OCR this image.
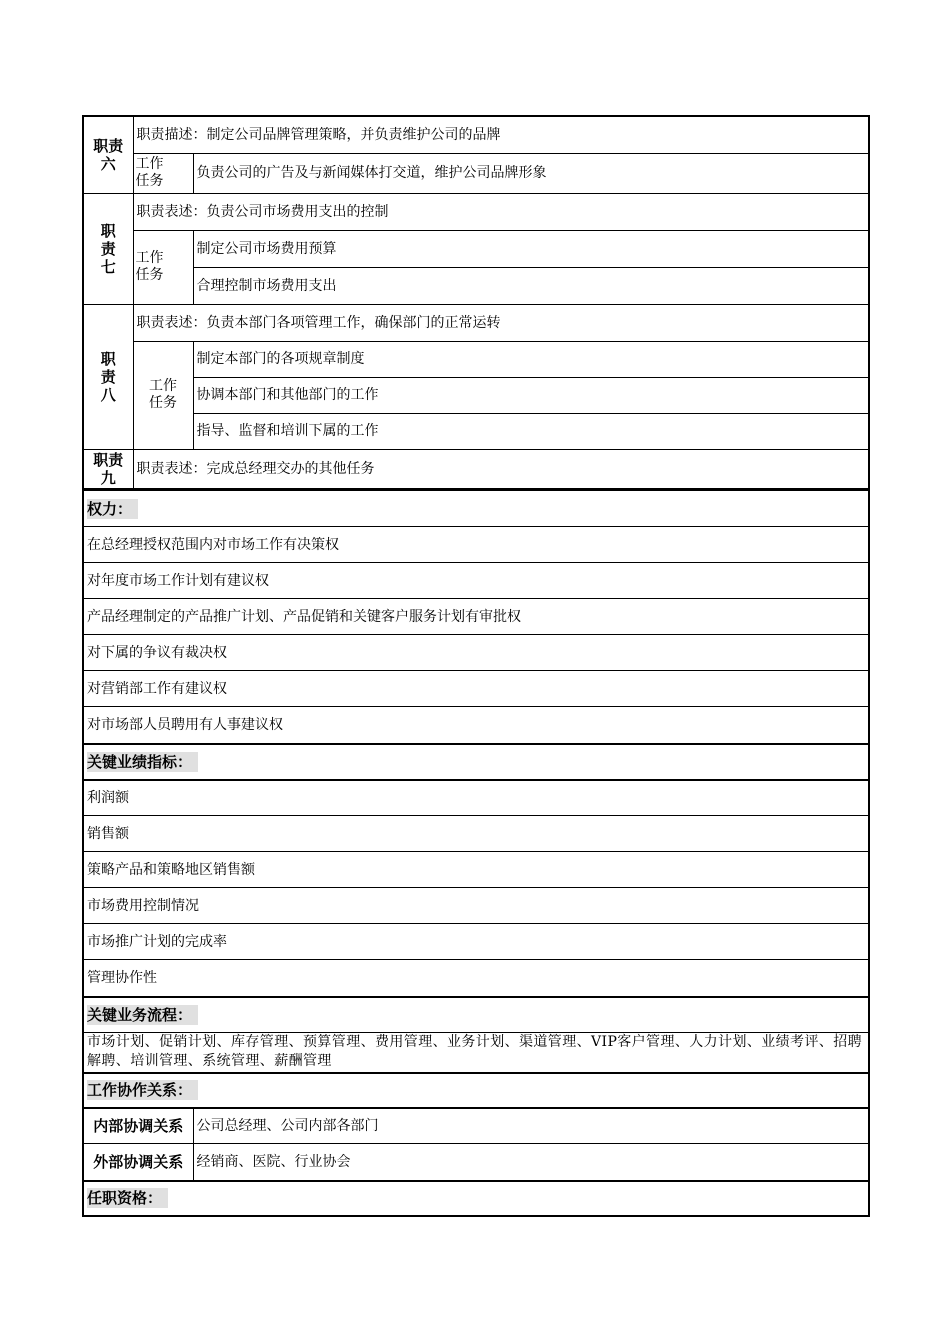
职责
六	职责描述：制定公司品牌管理策略，并负责维护公司的品牌	

	工作
任务	负责公司的广告及与新闻媒体打交道，维护公司品牌形象

职
责
七	职责表述：负责公司市场费用支出的控制	

	工作
任务	制定公司市场费用预算
		合理控制市场费用支出

职
责
八	职责表述：负责本部门各项管理工作，确保部门的正常运转	

	工作
任务	制定本部门的各项规章制度
		协调本部门和其他部门的工作
		指导、监督和培训下属的工作

职责
九	职责表述：完成总经理交办的其他任务	
权力：	
在总经理授权范围内对市场工作有决策权	
对年度市场工作计划有建议权	
产品经理制定的产品推广计划、产品促销和关键客户服务计划有审批权	
对下属的争议有裁决权	
对营销部工作有建议权	
对市场部人员聘用有人事建议权	
关键业绩指标：	
利润额	
销售额	
策略产品和策略地区销售额	
市场费用控制情况	
市场推广计划的完成率	
管理协作性	
关键业务流程：	
市场计划、促销计划、库存管理、预算管理、费用管理、业务计划、渠道管理、VIP客户管理、人力计划、业绩考评、招聘解聘、培训管理、系统管理、薪酬管理	
工作协作关系：	
内部协调关系	公司总经理、公司内部各部门
外部协调关系	经销商、医院、行业协会
任职资格：	
